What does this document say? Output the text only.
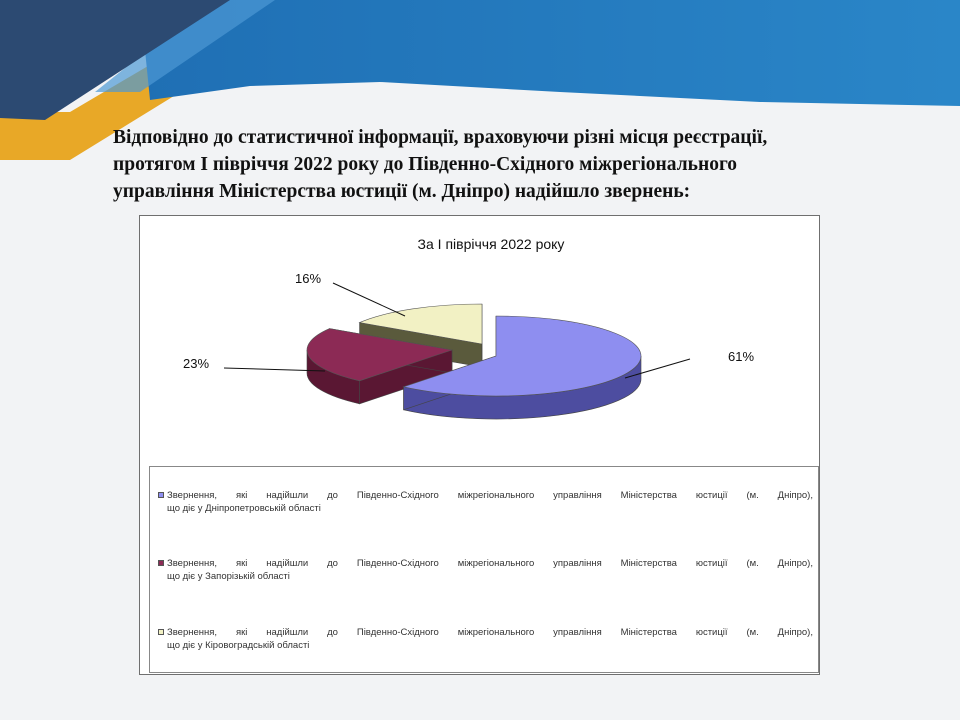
Відповідно до статистичної інформації, враховуючи різні місця реєстрації,
протягом І півріччя 2022 року до Південно-Східного міжрегіонального
управління Міністерства юстиції (м. Дніпро) надійшло звернень:

За І півріччя 2022 року
61%
23%
16%
Звернення, які надійшли до Південно-Східного міжрегіонального управління Міністерства юстиції (м. Дніпро),
що діє у Дніпропетровській області
Звернення, які надійшли до Південно-Східного міжрегіонального управління Міністерства юстиції (м. Дніпро),
що діє у Запорізькій області
Звернення, які надійшли до Південно-Східного міжрегіонального управління Міністерства юстиції (м. Дніпро),
що діє у Кіровоградській області
